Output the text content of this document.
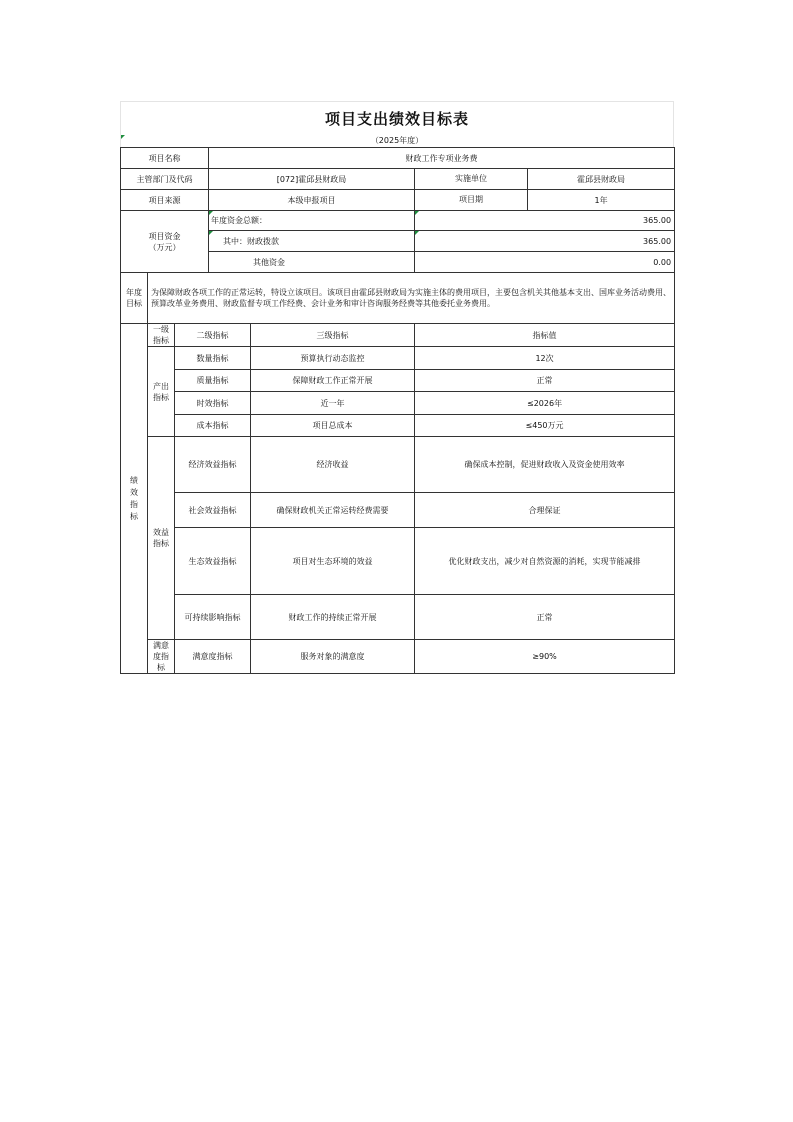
项目支出绩效目标表
（2025年度）
项目名称			财政工作专项业务费		
主管部门及代码			[072]霍邱县财政局		实施单位 霍邱县财政局

项目来源			本级申报项目		项目期 1年

项目资金
（万元）			年度资金总额：		365.00

其中：财政拨款		365.00
			其他资金		0.00

年度
目标	为保障财政各项工作的正常运转，特设立该项目。该项目由霍邱县财政局为实施主体的费用项目，主要包含机关其他基本支出、国库业务活动费用、预算改革业务费用、财政监督专项工作经费、会计业务和审计咨询服务经费等其他委托业务费用。				
绩效指标	一级指标	二级指标		三级指标	指标值
	产出指标	数量指标		预算执行动态监控	12次
		质量指标		保障财政工作正常开展	正常
		时效指标		近一年	≤2026年
		成本指标		项目总成本	≤450万元
	效益指标	经济效益指标		经济收益	确保成本控制，促进财政收入及资金使用效率
		社会效益指标		确保财政机关正常运转经费需要	合理保证
		生态效益指标		项目对生态环境的效益	优化财政支出，减少对自然资源的消耗，实现节能减排
		可持续影响指标		财政工作的持续正常开展	正常
	满意度指标	满意度指标		服务对象的满意度	≥90%
